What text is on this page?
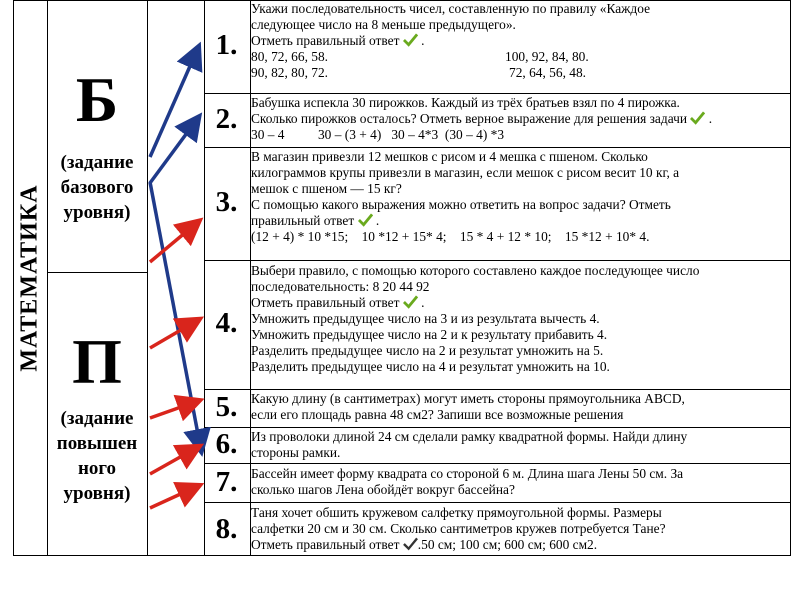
МАТЕМАТИКА
Б
(задание
базового
уровня)
П
(задание
повышен
ного
уровня)
1.
2.
3.
4.
5.
6.
7.
8.
Укажи последовательность чисел, составленную по правилу «Каждое
следующее число на 8 меньше предыдущего».
Отметь правильный ответ .
80, 72, 66, 58.	100, 92, 84, 80.
90, 82, 80, 72.	72, 64, 56, 48.
Бабушка испекла 30 пирожков. Каждый из трёх братьев взял по 4 пирожка.
Сколько пирожков осталось? Отметь верное выражение для решения задачи .
30 – 4          30 – (3 + 4)   30 – 4*3  (30 – 4) *3
В магазин привезли 12 мешков с рисом и 4 мешка с пшеном. Сколько
килограммов крупы привезли в магазин, если мешок с рисом весит 10 кг, а
мешок с пшеном — 15 кг?
С помощью какого выражения можно ответить на вопрос задачи? Отметь
правильный ответ .
(12 + 4) * 10 *15;    10 *12 + 15* 4;    15 * 4 + 12 * 10;    15 *12 + 10* 4.
Выбери правило, с помощью которого составлено каждое последующее число
последовательность: 8 20 44 92
Отметь правильный ответ .
Умножить предыдущее число на 3 и из результата вычесть 4.
Умножить предыдущее число на 2 и к результату прибавить 4.
Разделить предыдущее число на 2 и результат умножить на 5.
Разделить предыдущее число на 4 и результат умножить на 10.
Какую длину (в сантиметрах) могут иметь стороны прямоугольника ABCD,
если его площадь равна 48 см2? Запиши все возможные решения
Из проволоки длиной 24 см сделали рамку квадратной формы. Найди длину
стороны рамки.
Бассейн имеет форму квадрата со стороной 6 м. Длина шага Лены 50 см. За
сколько шагов Лена обойдёт вокруг бассейна?
Таня хочет обшить кружевом салфетку прямоугольной формы. Размеры
салфетки 20 см и 30 см. Сколько сантиметров кружев потребуется Тане?
Отметь правильный ответ .50 см; 100 см; 600 см; 600 см2.
